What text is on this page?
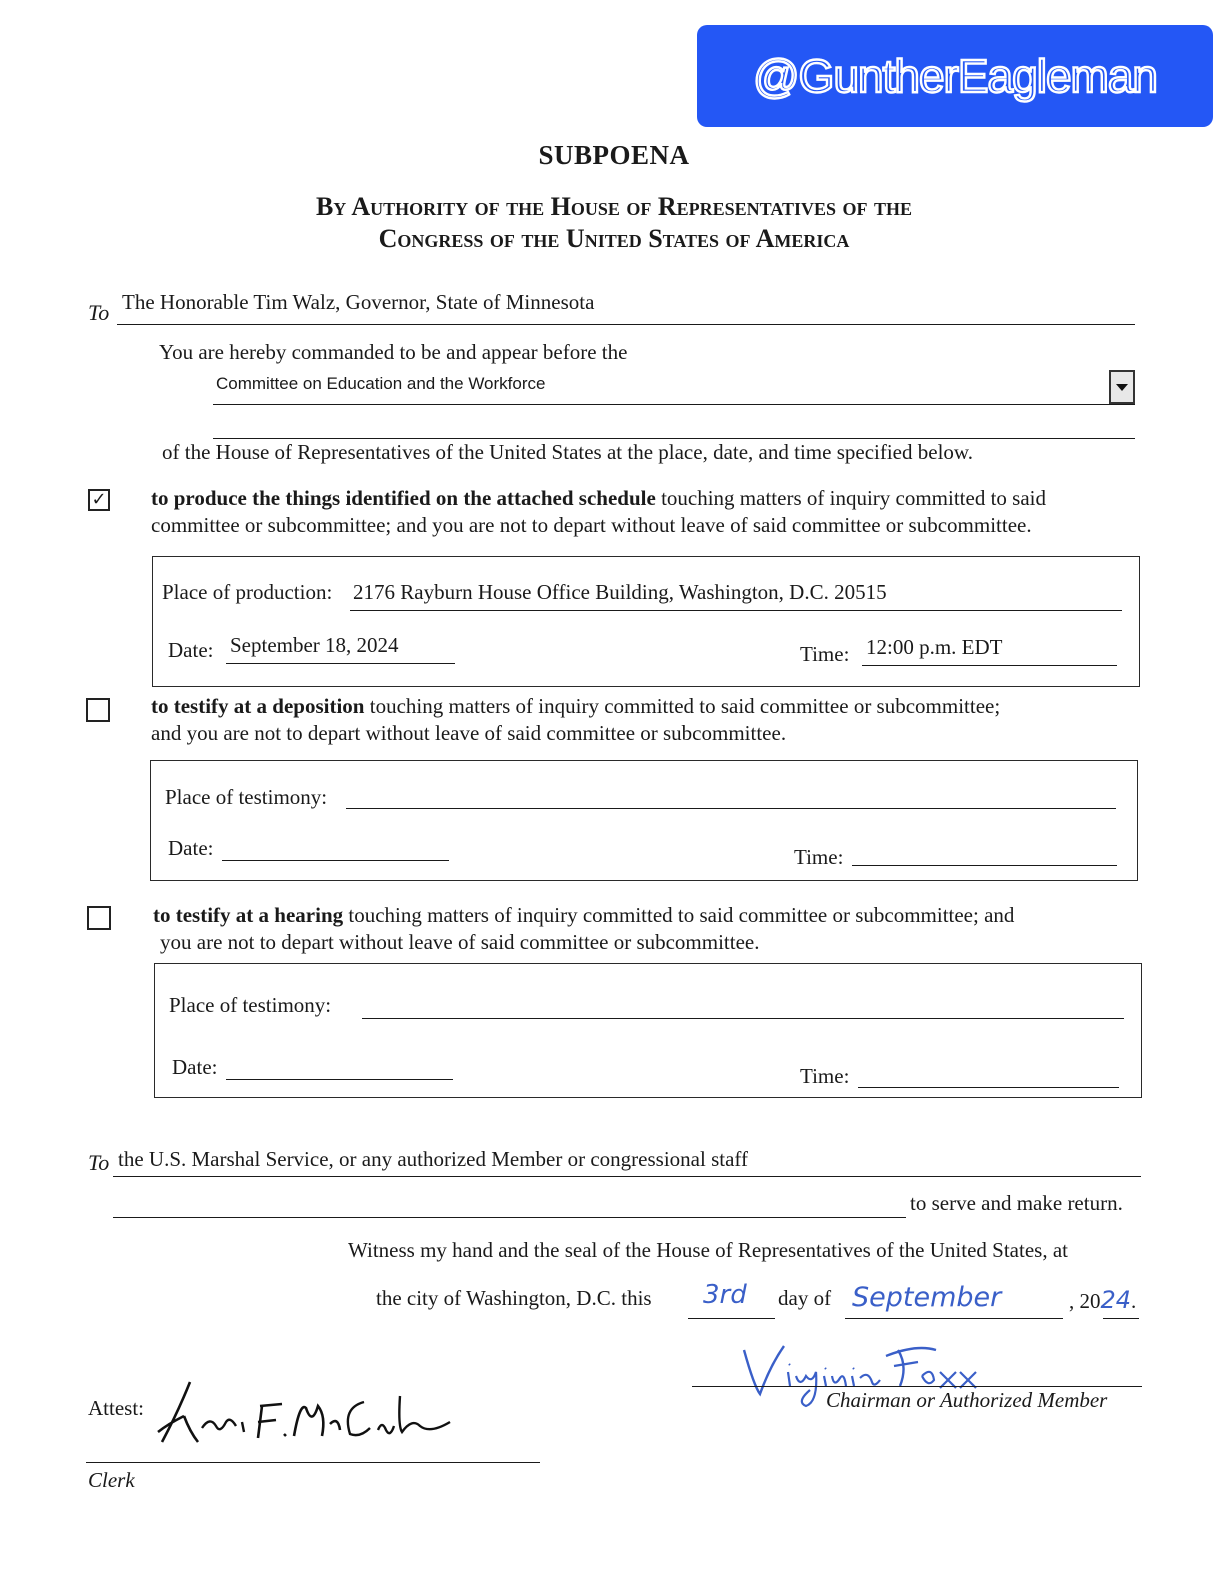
@GuntherEagleman
SUBPOENA
By Authority of the House of Representatives of the
Congress of the United States of America
To The Honorable Tim Walz, Governor, State of Minnesota
You are hereby commanded to be and appear before the
Committee on Education and the Workforce
of the House of Representatives of the United States at the place, date, and time specified below.
✓ to produce the things identified on the attached schedule touching matters of inquiry committed to said
committee or subcommittee; and you are not to depart without leave of said committee or subcommittee.
Place of production: 2176 Rayburn House Office Building, Washington, D.C. 20515
Date: September 18, 2024	Time: 12:00 p.m. EDT
to testify at a deposition touching matters of inquiry committed to said committee or subcommittee;
and you are not to depart without leave of said committee or subcommittee.
Place of testimony:
Date:	Time:
to testify at a hearing touching matters of inquiry committed to said committee or subcommittee; and
you are not to depart without leave of said committee or subcommittee.
Place of testimony:
Date:	Time:
To the U.S. Marshal Service, or any authorized Member or congressional staff
to serve and make return.
Witness my hand and the seal of the House of Representatives of the United States, at
the city of Washington, D.C. this 3rd day of September	, 2024.
Chairman or Authorized Member
Attest:
Clerk
